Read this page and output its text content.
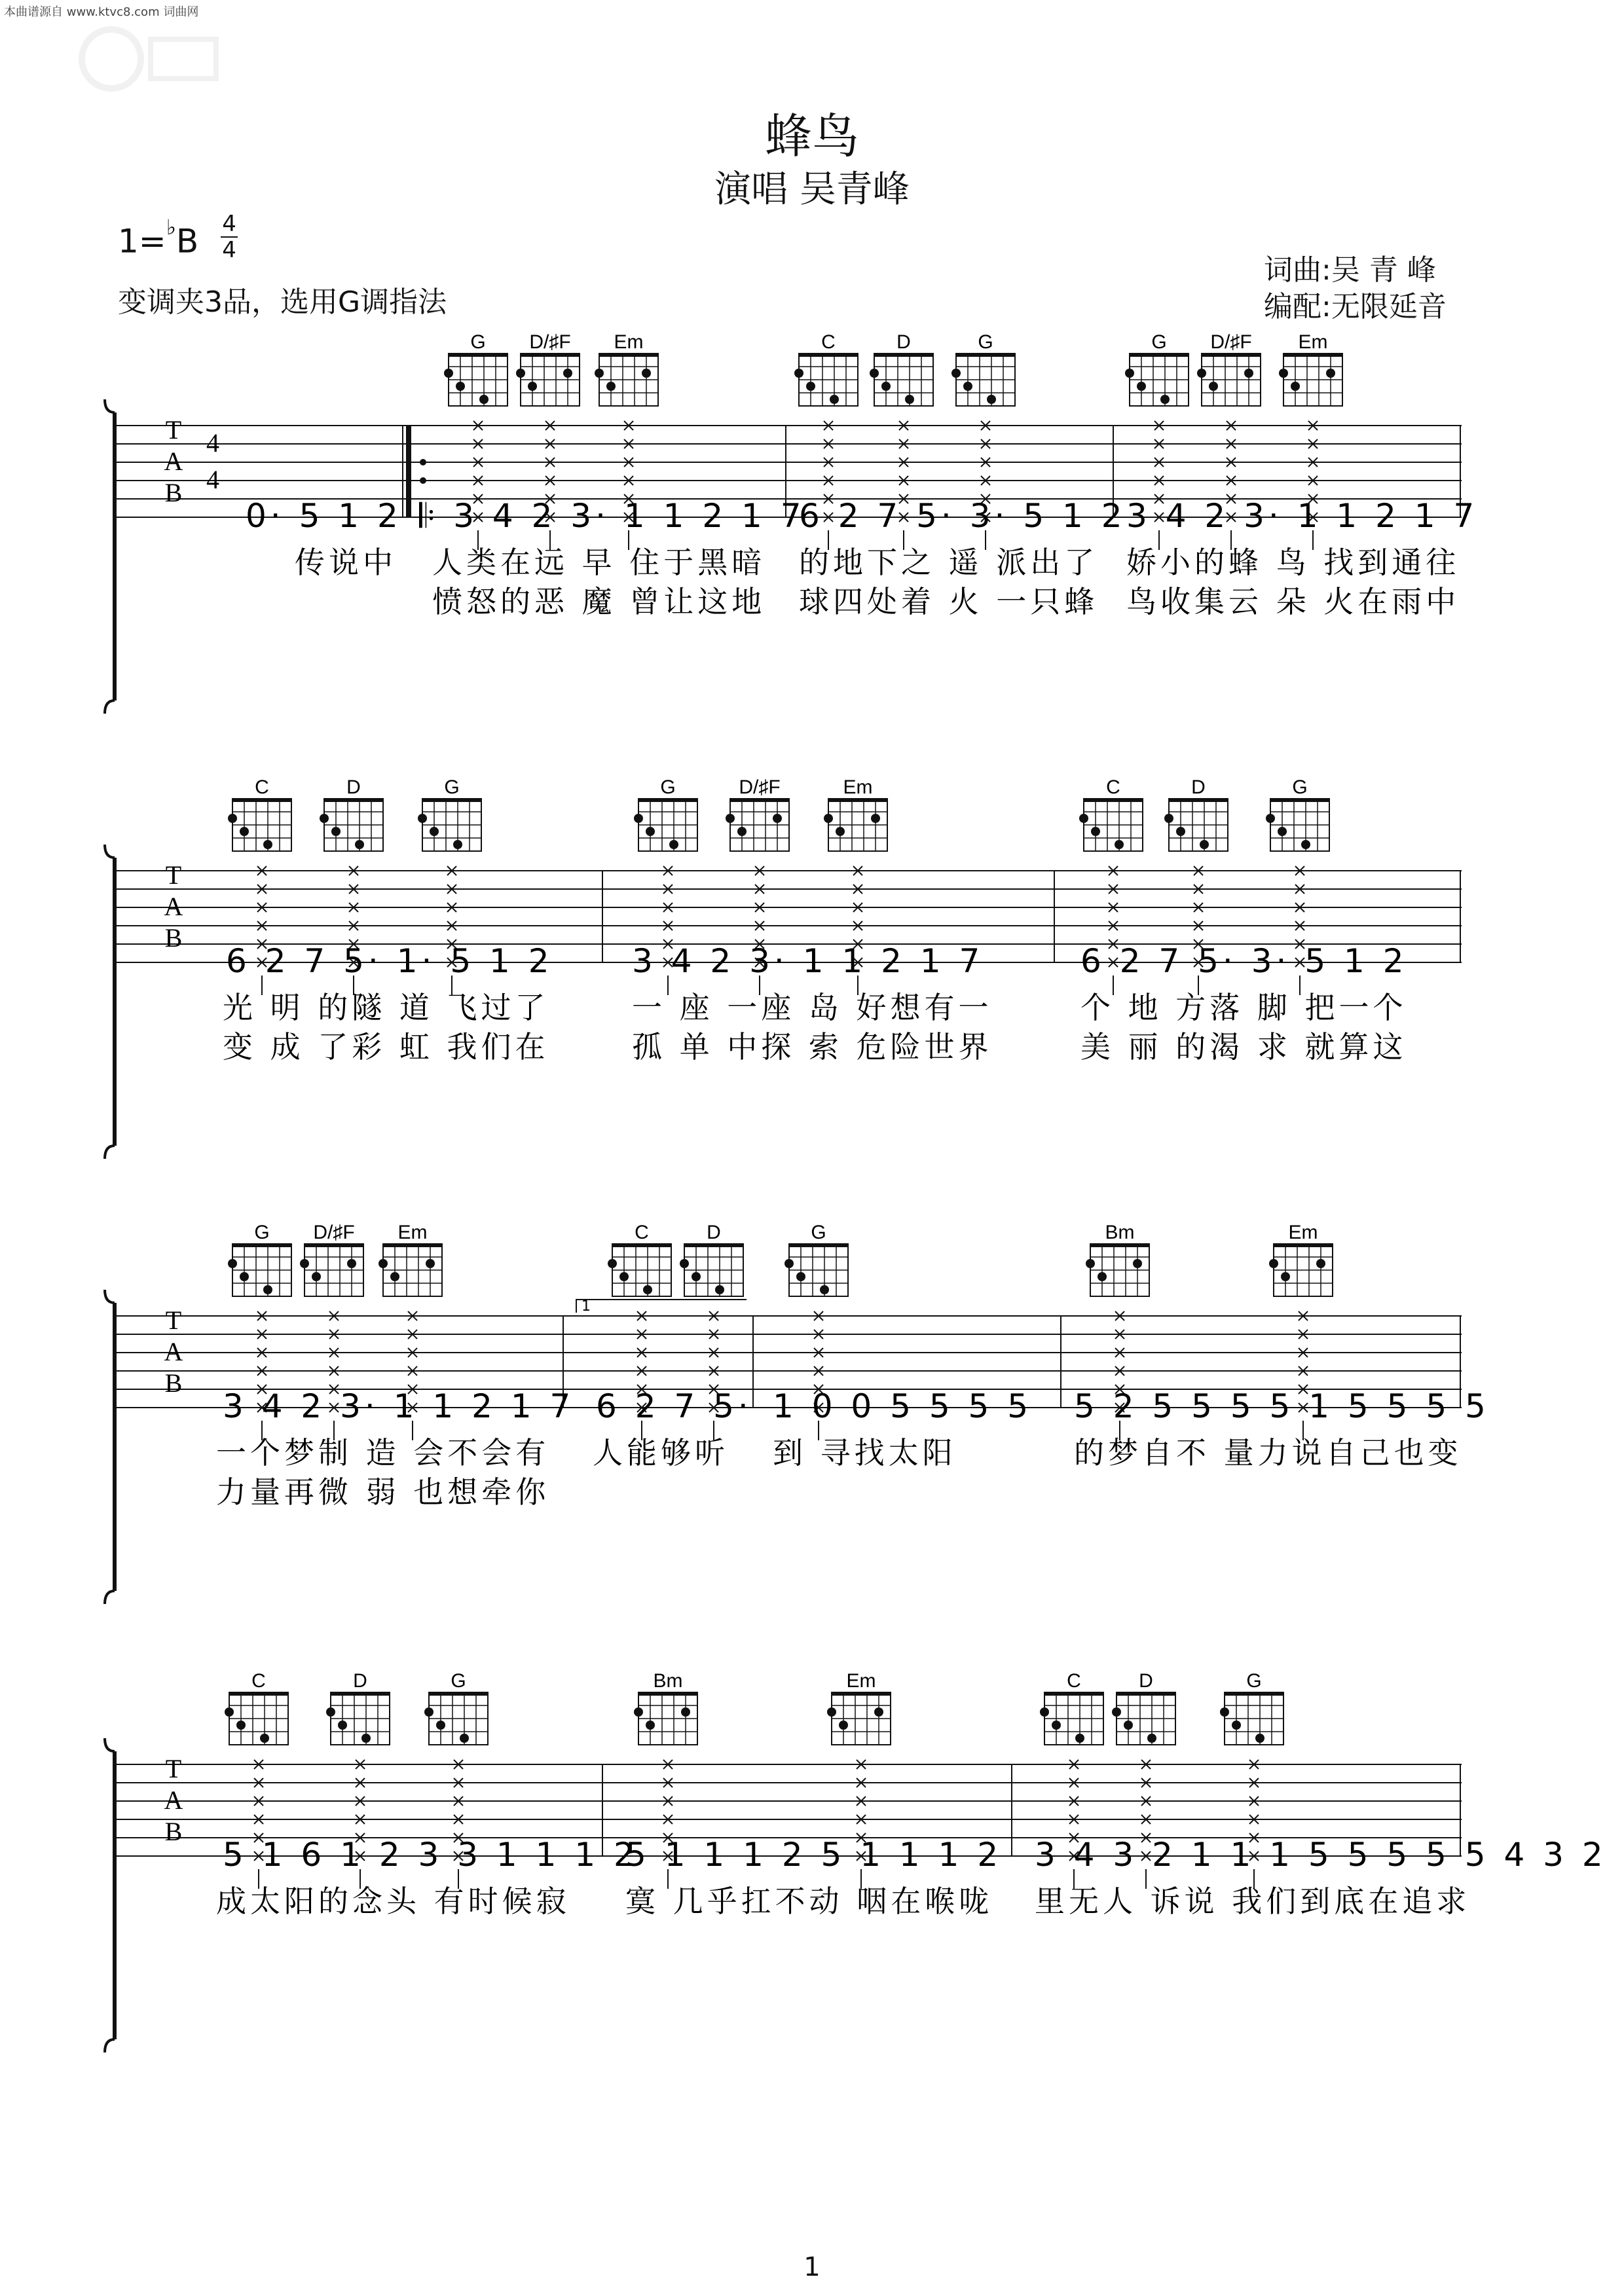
本曲谱源自 www.ktvc8.com 词曲网
蜂鸟
演唱 吴青峰
$1=^♭B \frac{4}{4}$
变调夹3品，选用G调指法
词曲:吴 青 峰
编配:无限延音
G D/♯F Em	C	D	G	G D/♯F Em
T
A
B
4
4
0· 5 1 2 𝄆 3 4 2 3· 1 1 2 1 7
6 2 7 5· 3· 5 1 2 3 4 2 3· 1 1 2 1 7
传说中 人类在远 早 住于黑暗 的地下之 遥 派出了 娇小的蜂 鸟 找到通往
愤怒的恶 魔 曾让这地 球四处着 火 一只蜂 鸟收集云 朵 火在雨中
C	D	G	G	D/♯F	Em	C	D	G
T
A
B
6 2 7 5· 1· 5 1 2 3 4 2 3· 1 1 2 1 7	6 2 7 5· 3· 5 1 2
光 明 的隧 道 飞过了	一 座 一座 岛 好想有一	个 地 方落 脚 把一个
变 成 了彩 虹 我们在	孤 单 中探 索 危险世界	美 丽 的渴 求 就算这
G D/♯F Em	C	D	G	Bm	Em
T
A
B
1
3 4 2 3· 1 1 2 1 7 6 2 7 5· 1 0 0 5 5 5 5 5 2 5 5 5 5 1 5 5 5 5
一个梦制 造 会不会有 人能够听 到 寻找太阳	的梦自不 量力说自己也变
力量再微 弱 也想牵你
C	D	G	Bm	Em	C	D	G
T
A
B
5 1 6 1 2 3 3 1 1 1 2
5 1 1 1 2 5 1 1 1 2 3 4 3 2 1 1 1 5 5 5 5 5 4 3 2
成太阳的念头 有时候寂 寞 几乎扛不动 咽在喉咙 里无人 诉说 我们到底在追求
1
